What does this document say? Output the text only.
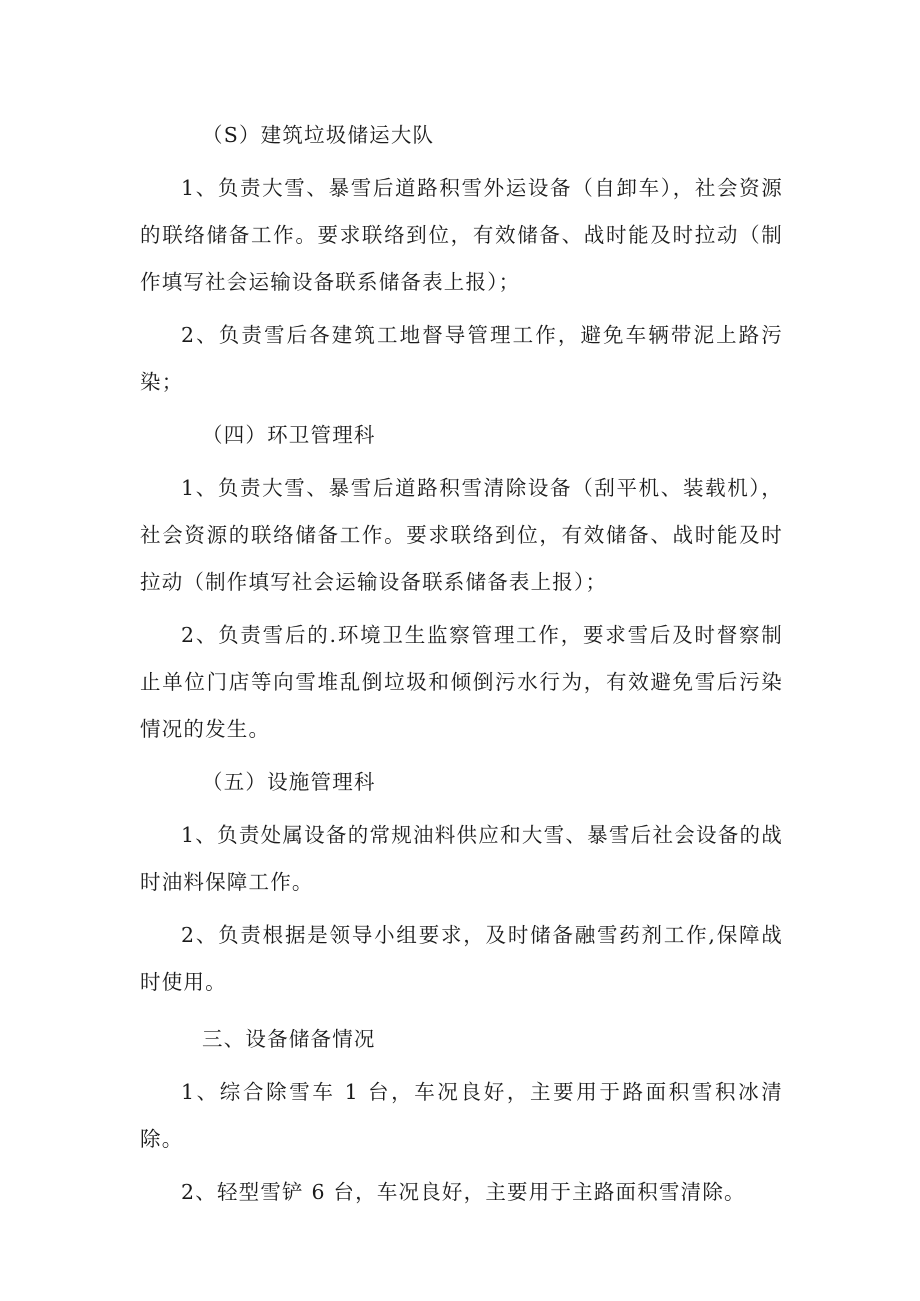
（S）建筑垃圾储运大队

1、负责大雪、暴雪后道路积雪外运设备（自卸车），社会资源的联络储备工作。要求联络到位，有效储备、战时能及时拉动（制作填写社会运输设备联系储备表上报）；

2、负责雪后各建筑工地督导管理工作，避免车辆带泥上路污染；

（四）环卫管理科

1、负责大雪、暴雪后道路积雪清除设备（刮平机、装载机），社会资源的联络储备工作。要求联络到位，有效储备、战时能及时拉动（制作填写社会运输设备联系储备表上报）；

2、负责雪后的.环境卫生监察管理工作，要求雪后及时督察制止单位门店等向雪堆乱倒垃圾和倾倒污水行为，有效避免雪后污染情况的发生。

（五）设施管理科

1、负责处属设备的常规油料供应和大雪、暴雪后社会设备的战时油料保障工作。

2、负责根据是领导小组要求，及时储备融雪药剂工作,保障战时使用。

三、设备储备情况

1、综合除雪车 1 台，车况良好，主要用于路面积雪积冰清除。

2、轻型雪铲 6 台，车况良好，主要用于主路面积雪清除。
